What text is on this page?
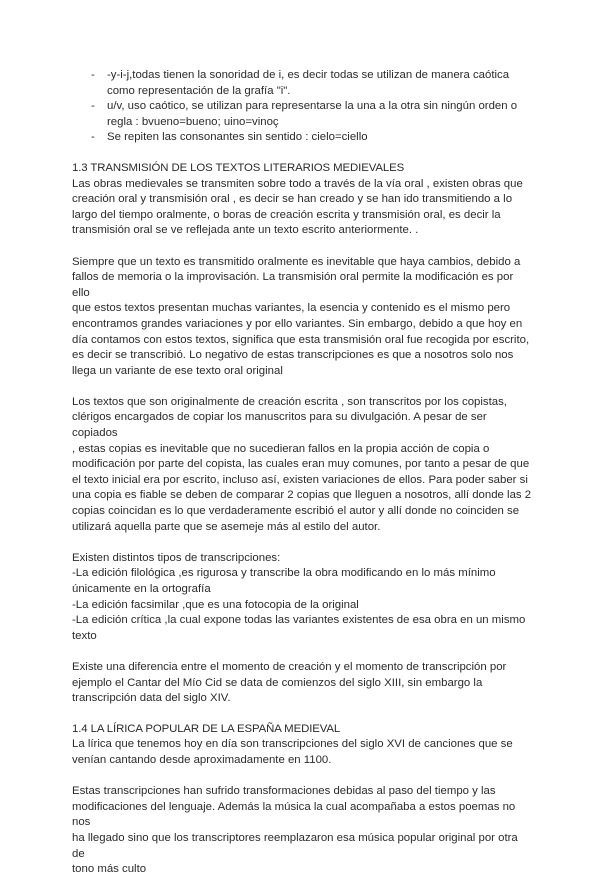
- -y-i-j,todas tienen la sonoridad de i, es decir todas se utilizan de manera caótica
como representación de la grafía "i".
- u/v, uso caótico, se utilizan para representarse la una a la otra sin ningún orden o
regla : bvueno=bueno; uino=vinoç
- Se repiten las consonantes sin sentido : cielo=ciello
1.3 TRANSMISIÓN DE LOS TEXTOS LITERARIOS MEDIEVALES
Las obras medievales se transmiten sobre todo a través de la vía oral , existen obras que
creación oral y transmisión oral , es decir se han creado y se han ido transmitiendo a lo
largo del tiempo oralmente, o boras de creación escrita y transmisión oral, es decir la
transmisión oral se ve reflejada ante un texto escrito anteriormente. .
Siempre que un texto es transmitido oralmente es inevitable que haya cambios, debido a
fallos de memoria o la improvisación. La transmisión oral permite la modificación es por ello
que estos textos presentan muchas variantes, la esencia y contenido es el mismo pero
encontramos grandes variaciones y por ello variantes. Sin embargo, debido a que hoy en
día contamos con estos textos, significa que esta transmisión oral fue recogida por escrito,
es decir se transcribió. Lo negativo de estas transcripciones es que a nosotros solo nos
llega un variante de ese texto oral original
Los textos que son originalmente de creación escrita , son transcritos por los copistas,
clérigos encargados de copiar los manuscritos para su divulgación. A pesar de ser copiados
, estas copias es inevitable que no sucedieran fallos en la propia acción de copia o
modificación por parte del copista, las cuales eran muy comunes, por tanto a pesar de que
el texto inicial era por escrito, incluso así, existen variaciones de ellos. Para poder saber si
una copia es fiable se deben de comparar 2 copias que lleguen a nosotros, allí donde las 2
copias coincidan es lo que verdaderamente escribió el autor y allí donde no coinciden se
utilizará aquella parte que se asemeje más al estilo del autor.
Existen distintos tipos de transcripciones:
-La edición filológica ,es rigurosa y transcribe la obra modificando en lo más mínimo
únicamente en la ortografía
-La edición facsimilar ,que es una fotocopia de la original
-La edición crítica ,la cual expone todas las variantes existentes de esa obra en un mismo
texto
Existe una diferencia entre el momento de creación y el momento de transcripción por
ejemplo el Cantar del Mío Cid se data de comienzos del siglo XIII, sin embargo la
transcripción data del siglo XIV.
1.4 LA LÍRICA POPULAR DE LA ESPAÑA MEDIEVAL
La lírica que tenemos hoy en día son transcripciones del siglo XVI de canciones que se
venían cantando desde aproximadamente en 1100.
Estas transcripciones han sufrido transformaciones debidas al paso del tiempo y las
modificaciones del lenguaje. Además la música la cual acompañaba a estos poemas no nos
ha llegado sino que los transcriptores reemplazaron esa música popular original por otra de
tono más culto
